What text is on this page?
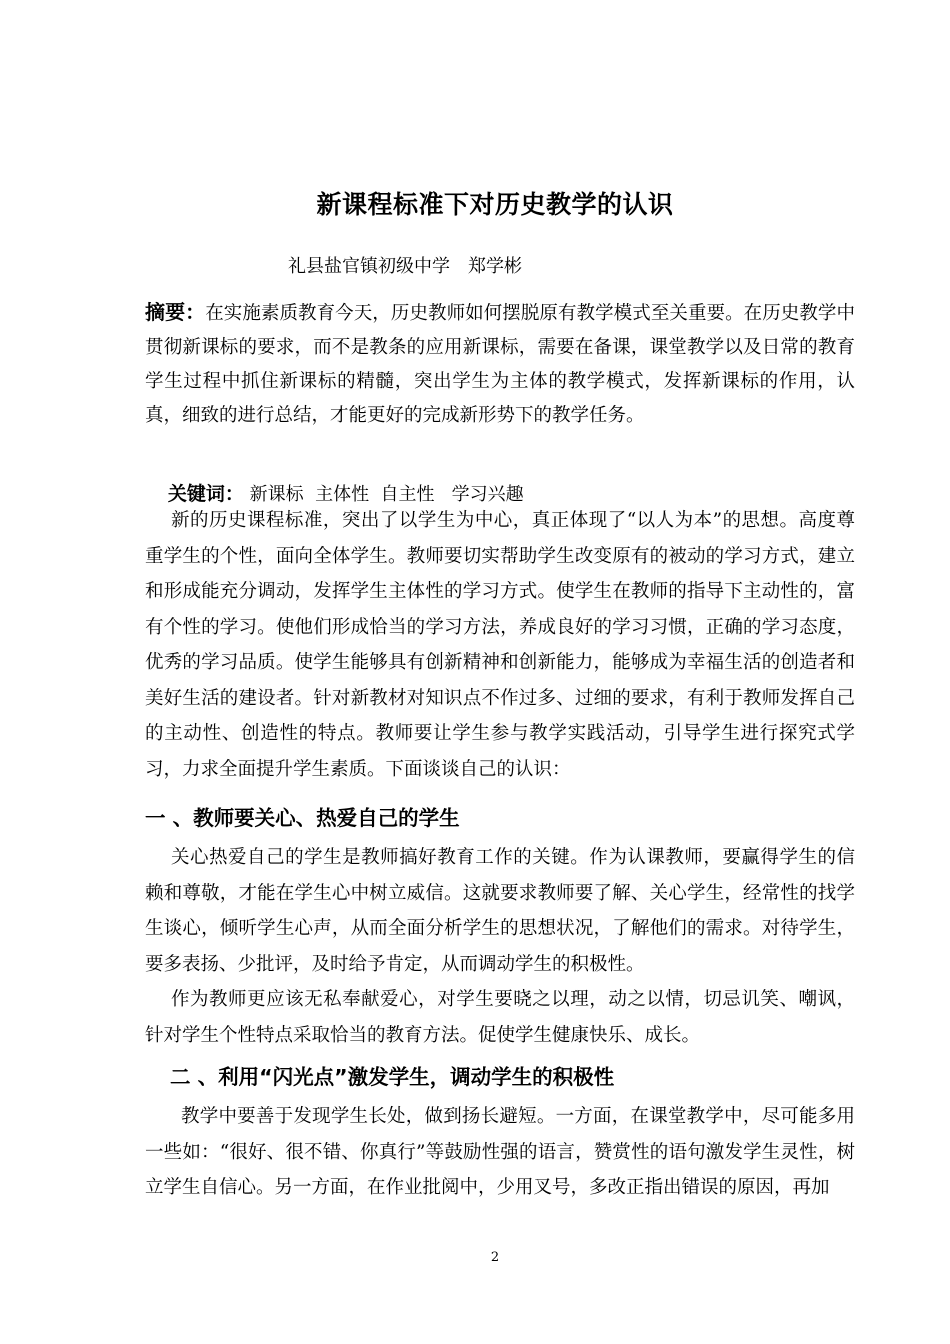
新课程标准下对历史教学的认识
礼县盐官镇初级中学　郑学彬
摘要：在实施素质教育今天，历史教师如何摆脱原有教学模式至关重要。在历史教学中贯彻新课标的要求，而不是教条的应用新课标，需要在备课，课堂教学以及日常的教育学生过程中抓住新课标的精髓，突出学生为主体的教学模式，发挥新课标的作用，认真，细致的进行总结，才能更好的完成新形势下的教学任务。

关键词： 新课标  主体性  自主性   学习兴趣

新的历史课程标准，突出了以学生为中心，真正体现了“以人为本”的思想。高度尊重学生的个性，面向全体学生。教师要切实帮助学生改变原有的被动的学习方式，建立和形成能充分调动，发挥学生主体性的学习方式。使学生在教师的指导下主动性的，富有个性的学习。使他们形成恰当的学习方法，养成良好的学习习惯，正确的学习态度，优秀的学习品质。使学生能够具有创新精神和创新能力，能够成为幸福生活的创造者和美好生活的建设者。针对新教材对知识点不作过多、过细的要求，有利于教师发挥自己的主动性、创造性的特点。教师要让学生参与教学实践活动，引导学生进行探究式学习，力求全面提升学生素质。下面谈谈自己的认识：
一 、教师要关心、热爱自己的学生
关心热爱自己的学生是教师搞好教育工作的关键。作为认课教师，要赢得学生的信赖和尊敬，才能在学生心中树立威信。这就要求教师要了解、关心学生，经常性的找学生谈心，倾听学生心声，从而全面分析学生的思想状况，了解他们的需求。对待学生，要多表扬、少批评，及时给予肯定，从而调动学生的积极性。
作为教师更应该无私奉献爱心，对学生要晓之以理，动之以情，切忌讥笑、嘲讽，针对学生个性特点采取恰当的教育方法。促使学生健康快乐、成长。
二 、利用“闪光点”激发学生，调动学生的积极性
教学中要善于发现学生长处，做到扬长避短。一方面，在课堂教学中，尽可能多用一些如：“很好、很不错、你真行”等鼓励性强的语言，赞赏性的语句激发学生灵性，树立学生自信心。另一方面，在作业批阅中，少用叉号，多改正指出错误的原因，再加
2
